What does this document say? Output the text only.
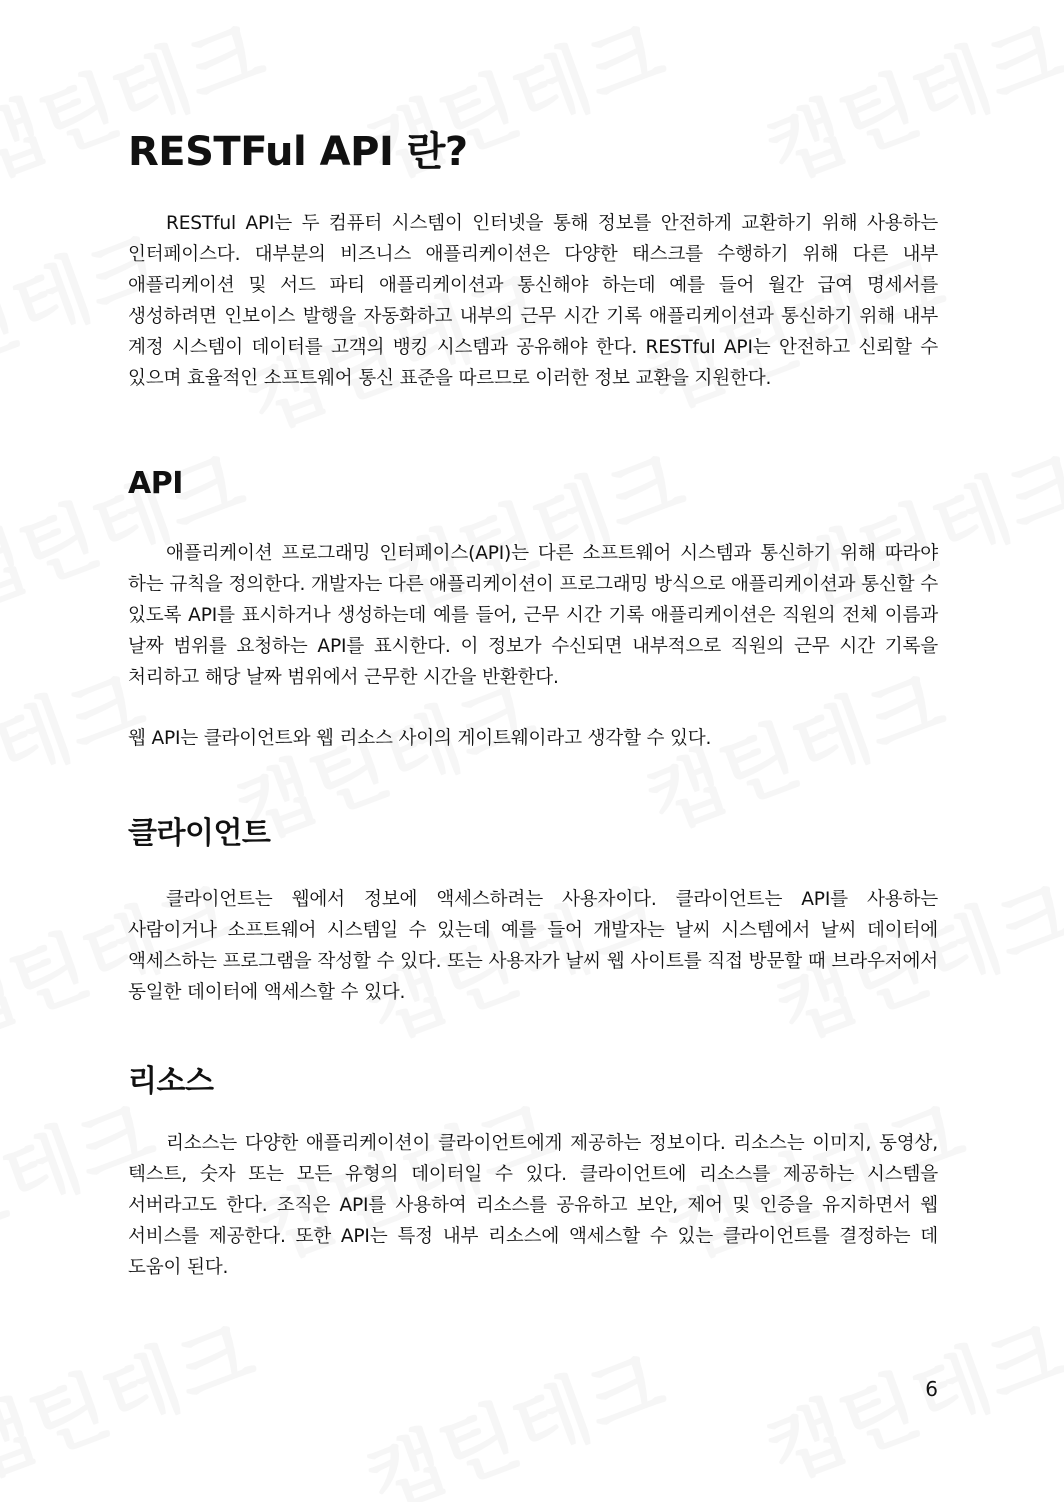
RESTFul API 란?

RESTful API는 두 컴퓨터 시스템이 인터넷을 통해 정보를 안전하게 교환하기 위해 사용하는 인터페이스다. 대부분의 비즈니스 애플리케이션은 다양한 태스크를 수행하기 위해 다른 내부 애플리케이션 및 서드 파티 애플리케이션과 통신해야 하는데 예를 들어 월간 급여 명세서를 생성하려면 인보이스 발행을 자동화하고 내부의 근무 시간 기록 애플리케이션과 통신하기 위해 내부 계정 시스템이 데이터를 고객의 뱅킹 시스템과 공유해야 한다. RESTful API는 안전하고 신뢰할 수 있으며 효율적인 소프트웨어 통신 표준을 따르므로 이러한 정보 교환을 지원한다.

API

애플리케이션 프로그래밍 인터페이스(API)는 다른 소프트웨어 시스템과 통신하기 위해 따라야 하는 규칙을 정의한다. 개발자는 다른 애플리케이션이 프로그래밍 방식으로 애플리케이션과 통신할 수 있도록 API를 표시하거나 생성하는데 예를 들어, 근무 시간 기록 애플리케이션은 직원의 전체 이름과 날짜 범위를 요청하는 API를 표시한다. 이 정보가 수신되면 내부적으로 직원의 근무 시간 기록을 처리하고 해당 날짜 범위에서 근무한 시간을 반환한다.

웹 API는 클라이언트와 웹 리소스 사이의 게이트웨이라고 생각할 수 있다.

클라이언트

클라이언트는 웹에서 정보에 액세스하려는 사용자이다. 클라이언트는 API를 사용하는 사람이거나 소프트웨어 시스템일 수 있는데 예를 들어 개발자는 날씨 시스템에서 날씨 데이터에 액세스하는 프로그램을 작성할 수 있다. 또는 사용자가 날씨 웹 사이트를 직접 방문할 때 브라우저에서 동일한 데이터에 액세스할 수 있다.

리소스

리소스는 다양한 애플리케이션이 클라이언트에게 제공하는 정보이다. 리소스는 이미지, 동영상, 텍스트, 숫자 또는 모든 유형의 데이터일 수 있다. 클라이언트에 리소스를 제공하는 시스템을 서버라고도 한다. 조직은 API를 사용하여 리소스를 공유하고 보안, 제어 및 인증을 유지하면서 웹 서비스를 제공한다. 또한 API는 특정 내부 리소스에 액세스할 수 있는 클라이언트를 결정하는 데 도움이 된다.

6
